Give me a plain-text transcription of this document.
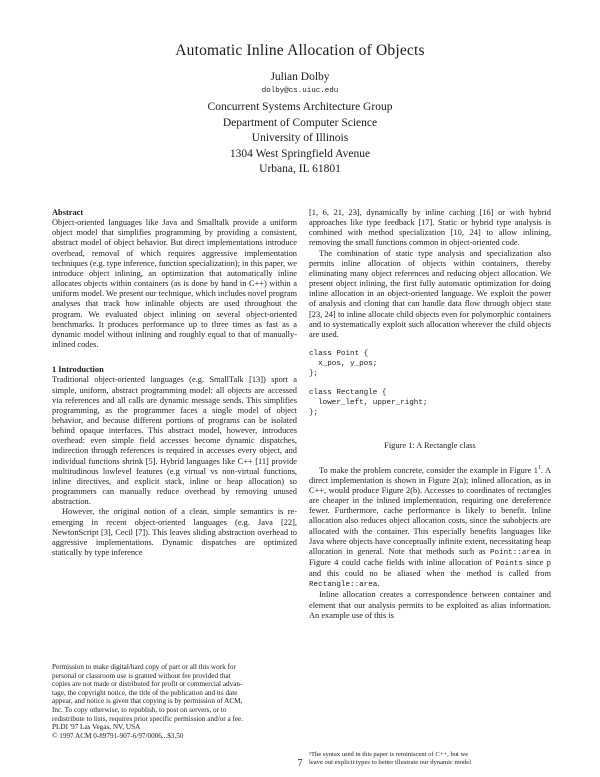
Automatic Inline Allocation of Objects
Julian Dolby
dolby@cs.uiuc.edu
Concurrent Systems Architecture Group
Department of Computer Science
University of Illinois
1304 West Springfield Avenue
Urbana, IL 61801

Abstract

Object-oriented languages like Java and Smalltalk provide a uniform object model that simplifies programming by providing a consistent, abstract model of object behavior. But direct implementations introduce overhead, removal of which requires aggressive implementation techniques (e.g. type inference, function specialization); in this paper, we introduce object inlining, an optimization that automatically inline allocates objects within containers (as is done by hand in C++) within a uniform model. We present our technique, which includes novel program analyses that track how inlinable objects are used throughout the program. We evaluated object inlining on several object-oriented benchmarks. It produces performance up to three times as fast as a dynamic model without inlining and roughly equal to that of manually-inlined codes.

1 Introduction

Traditional object-oriented languages (e.g. SmallTalk [13]) sport a simple, uniform, abstract programming model: all objects are accessed via references and all calls are dynamic message sends. This simplifies programming, as the programmer faces a single model of object behavior, and because different portions of programs can be isolated behind opaque interfaces. This abstract model, however, introduces overhead: even simple field accesses become dynamic dispatches, indirection through references is required in accesses every object, and individual functions shrink [5]. Hybrid languages like C++ [11] provide multitudinous lowlevel features (e.g virtual vs non-virtual functions, inline directives, and explicit stack, inline or heap allocation) so programmers can manually reduce overhead by removing unused abstraction.

However, the original notion of a clean, simple semantics is re-emerging in recent object-oriented languages (e.g. Java [22], NewtonScript [3], Cecil [7]). This leaves sliding abstraction overhead to aggressive implementations. Dynamic dispatches are optimized statically by type inference

Permission to make digital/hard copy of part or all this work for
personal or classroom use is granted without fee provided that
copies are not made or distributed for profit or commercial advan-
tage, the copyright notice, the title of the publication and its date
appear, and notice is given that copying is by permission of ACM,
Inc. To copy otherwise, to republish, to post on servers, or to
redistribute to lists, requires prior specific permission and/or a fee.
PLDI '97 Las Vegas, NV, USA
© 1997 ACM 0-89791-907-6/97/0006...$3.50

[1, 6, 21, 23], dynamically by inline caching [16] or with hybrid approaches like type feedback [17]. Static or hybrid type analysis is combined with method specialization [10, 24] to allow inlining, removing the small functions common in object-oriented code.

The combination of static type analysis and specialization also permits inline allocation of objects within containers, thereby eliminating many object references and reducing object allocation. We present object inlining, the first fully automatic optimization for doing inline allocation in an object-oriented language. We exploit the power of analysis and cloning that can handle data flow through object state [23, 24] to inline allocate child objects even for polymorphic containers and to systematically exploit such allocation wherever the child objects are used.

class Point {
x_pos, y_pos;
};
class Rectangle {
lower_left, upper_right;
};

Figure 1: A Rectangle class

To make the problem concrete, consider the example in Figure $1^1$. A direct implementation is shown in Figure 2(a); inlined allocation, as in C++, would produce Figure 2(b). Accesses to coordinates of rectangles are cheaper in the inlined implementation, requiring one dereference fewer. Furthermore, cache performance is likely to benefit. Inline allocation also reduces object allocation costs, since the subobjects are allocated with the container. This especially benefits languages like Java where objects have conceptually infinite extent, necessitating heap allocation in general. Note that methods such as Point::area in Figure 4 could cache fields with inline allocation of Points since p and this could no be aliased when the method is called from Rectangle::area.

Inline allocation creates a correspondence between container and element that our analysis permits to be exploited as alias information. An example use of this is

¹The syntax used in this paper is reminiscent of C++, but we
leave out explicit types to better illustrate our dynamic model
7
